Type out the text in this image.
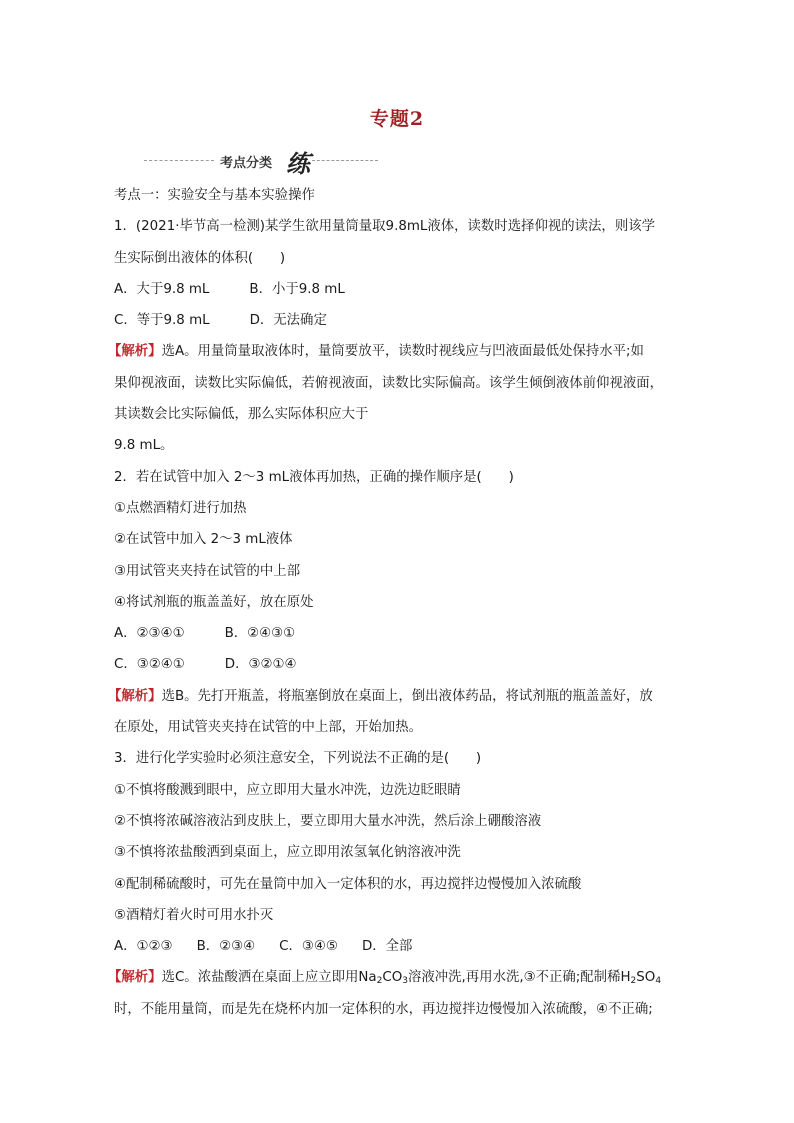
专题2
考点分类 练
考点一：实验安全与基本实验操作
1．(2021·毕节高一检测)某学生欲用量筒量取9.8mL液体，读数时选择仰视的读法，则该学
生实际倒出液体的体积(　　)
A．大于9.8 mL	B．小于9.8 mL
C．等于9.8 mL	D．无法确定
【解析】选A。用量筒量取液体时，量筒要放平，读数时视线应与凹液面最低处保持水平;如
果仰视液面，读数比实际偏低，若俯视液面，读数比实际偏高。该学生倾倒液体前仰视液面，
其读数会比实际偏低，那么实际体积应大于
9.8 mL。
2．若在试管中加入 2～3 mL液体再加热，正确的操作顺序是(　　)
①点燃酒精灯进行加热
②在试管中加入 2～3 mL液体
③用试管夹夹持在试管的中上部
④将试剂瓶的瓶盖盖好，放在原处
A．②③④①	B．②④③①
C．③②④①	D．③②①④
【解析】选B。先打开瓶盖，将瓶塞倒放在桌面上，倒出液体药品，将试剂瓶的瓶盖盖好，放
在原处，用试管夹夹持在试管的中上部，开始加热。
3．进行化学实验时必须注意安全，下列说法不正确的是(　　)
①不慎将酸溅到眼中，应立即用大量水冲洗，边洗边眨眼睛
②不慎将浓碱溶液沾到皮肤上，要立即用大量水冲洗，然后涂上硼酸溶液
③不慎将浓盐酸洒到桌面上，应立即用浓氢氧化钠溶液冲洗
④配制稀硫酸时，可先在量筒中加入一定体积的水，再边搅拌边慢慢加入浓硫酸
⑤酒精灯着火时可用水扑灭
A．①②③ B．②③④ C．③④⑤ D．全部
【解析】选C。浓盐酸洒在桌面上应立即用$Na_2CO_3$溶液冲洗,再用水洗,③不正确;配制稀$H_2SO_4$
时，不能用量筒，而是先在烧杯内加一定体积的水，再边搅拌边慢慢加入浓硫酸，④不正确;
